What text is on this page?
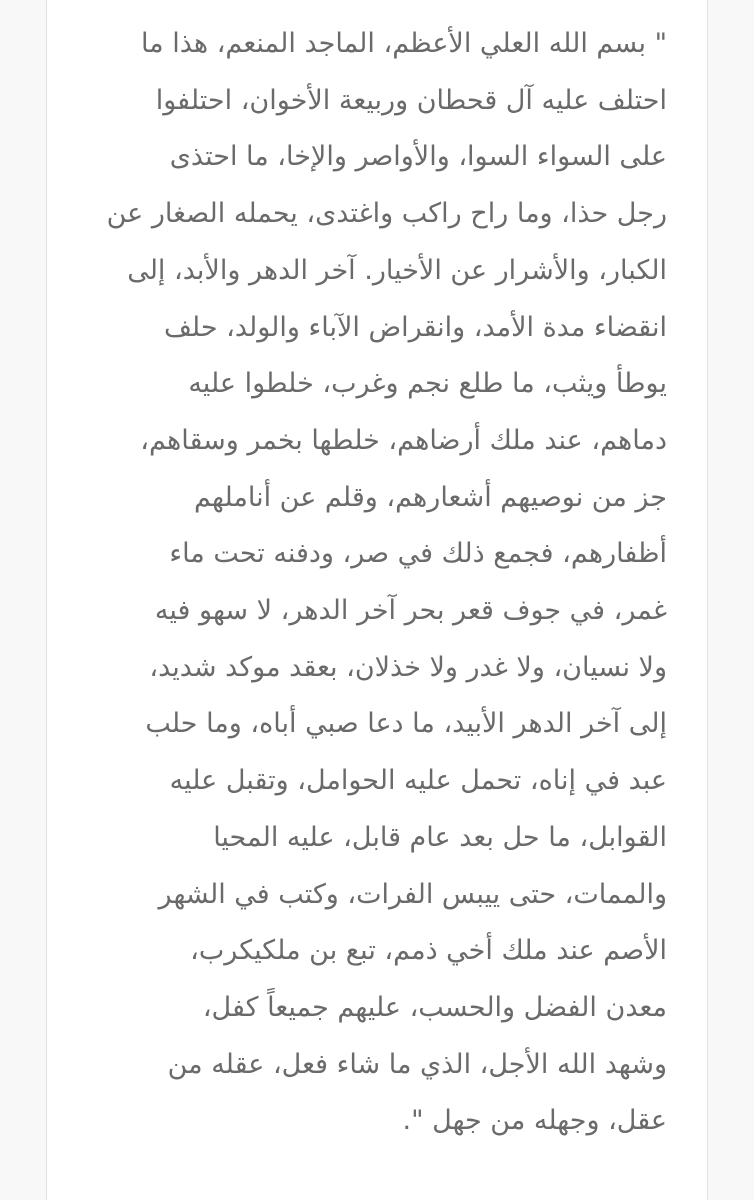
" بسم الله العلي الأعظم، الماجد المنعم، هذا ما
احتلف عليه آل قحطان وربيعة الأخوان، احتلفوا
على السواء السوا، والأواصر والإخا، ما احتذى
رجل حذا، وما راح راكب واغتدى، يحمله الصغار عن
الكبار، والأشرار عن الأخيار. آخر الدهر والأبد، إلى
انقضاء مدة الأمد، وانقراض الآباء والولد، حلف
يوطأ ويثب، ما طلع نجم وغرب، خلطوا عليه
دماهم، عند ملك أرضاهم، خلطها بخمر وسقاهم،
جز من نوصيهم أشعارهم، وقلم عن أناملهم
أظفارهم، فجمع ذلك في صر، ودفنه تحت ماء
غمر، في جوف قعر بحر آخر الدهر، لا سهو فيه
ولا نسيان، ولا غدر ولا خذلان، بعقد موكد شديد،
إلى آخر الدهر الأبيد، ما دعا صبي أباه، وما حلب
عبد في إناه، تحمل عليه الحوامل، وتقبل عليه
القوابل، ما حل بعد عام قابل، عليه المحيا
والممات، حتى ييبس الفرات، وكتب في الشهر
الأصم عند ملك أخي ذمم، تبع بن ملكيكرب،
معدن الفضل والحسب، عليهم جميعاً كفل،
وشهد الله الأجل، الذي ما شاء فعل، عقله من
عقل، وجهله من جهل ".
